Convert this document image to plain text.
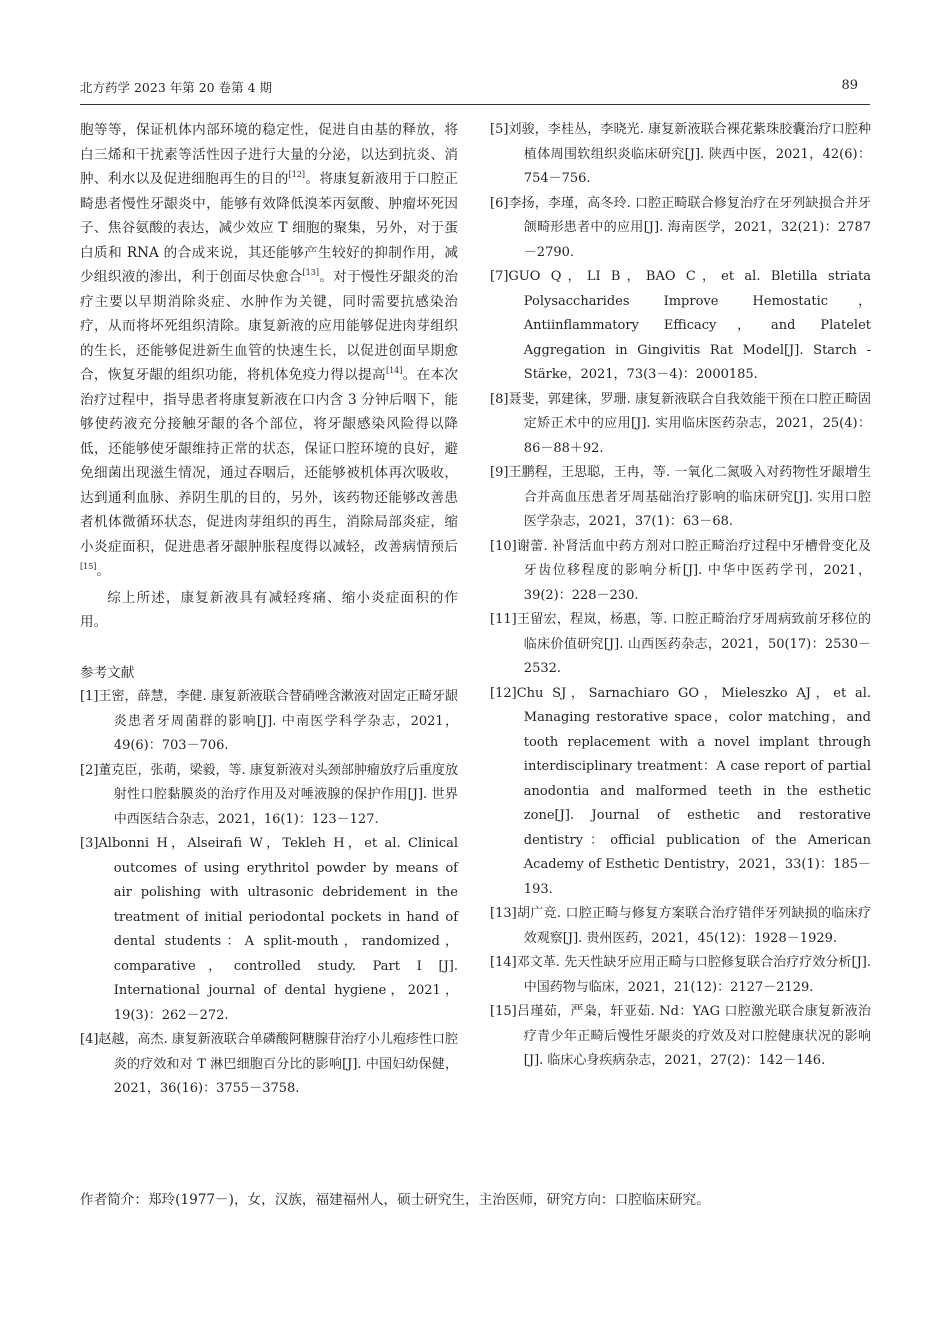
北方药学 2023 年第 20 卷第 4 期	89

胞等等，保证机体内部环境的稳定性，促进自由基的释放，将白三烯和干扰素等活性因子进行大量的分泌，以达到抗炎、消肿、利水以及促进细胞再生的目的[12]。将康复新液用于口腔正畸患者慢性牙龈炎中，能够有效降低溴苯丙氨酸、肿瘤坏死因子、焦谷氨酸的表达，减少效应 T 细胞的聚集，另外，对于蛋白质和 RNA 的合成来说，其还能够产生较好的抑制作用，减少组织液的渗出，利于创面尽快愈合[13]。对于慢性牙龈炎的治疗主要以早期消除炎症、水肿作为关键，同时需要抗感染治疗，从而将坏死组织清除。康复新液的应用能够促进肉芽组织的生长，还能够促进新生血管的快速生长，以促进创面早期愈合，恢复牙龈的组织功能，将机体免疫力得以提高[14]。在本次治疗过程中，指导患者将康复新液在口内含 3 分钟后咽下，能够使药液充分接触牙龈的各个部位，将牙龈感染风险得以降低，还能够使牙龈维持正常的状态，保证口腔环境的良好，避免细菌出现滋生情况，通过吞咽后，还能够被机体再次吸收，达到通利血脉、养阴生肌的目的，另外，该药物还能够改善患者机体微循环状态，促进肉芽组织的再生，消除局部炎症，缩小炎症面积，促进患者牙龈肿胀程度得以减轻，改善病情预后[15]。

综上所述，康复新液具有减轻疼痛、缩小炎症面积的作用。

参考文献

[1]王密，薛慧，李健. 康复新液联合替硝唑含漱液对固定正畸牙龈炎患者牙周菌群的影响[J]. 中南医学科学杂志，2021，49(6)：703－706.

[2]董克臣，张萌，梁毅，等. 康复新液对头颈部肿瘤放疗后重度放射性口腔黏膜炎的治疗作用及对唾液腺的保护作用[J]. 世界中西医结合杂志，2021，16(1)：123－127.

[3]Albonni H，Alseirafi W，Tekleh H，et al. Clinical outcomes of using erythritol powder by means of air polishing with ultrasonic debridement in the treatment of initial periodontal pockets in hand of dental students：A split-mouth，randomized，comparative，controlled study. Part I [J]. International journal of dental hygiene，2021，19(3)：262－272.

[4]赵越，高杰. 康复新液联合单磷酸阿糖腺苷治疗小儿疱疹性口腔炎的疗效和对 T 淋巴细胞百分比的影响[J]. 中国妇幼保健，2021，36(16)：3755－3758.

[5]刘骏，李桂丛，李晓光. 康复新液联合裸花紫珠胶囊治疗口腔种植体周围软组织炎临床研究[J]. 陕西中医，2021，42(6)：754－756.

[6]李扬，李瑾，高冬玲. 口腔正畸联合修复治疗在牙列缺损合并牙颌畸形患者中的应用[J]. 海南医学，2021，32(21)：2787－2790.

[7]GUO Q，LI B，BAO C，et al. Bletilla striata Polysaccharides Improve Hemostatic，Antiinflammatory Efficacy，and Platelet Aggregation in Gingivitis Rat Model[J]. Starch -Stärke，2021，73(3－4)：2000185.

[8]聂斐，郭建徕，罗珊. 康复新液联合自我效能干预在口腔正畸固定矫正术中的应用[J]. 实用临床医药杂志，2021，25(4)：86－88＋92.

[9]王鹏程，王思聪，王冉，等. 一氧化二氮吸入对药物性牙龈增生合并高血压患者牙周基础治疗影响的临床研究[J]. 实用口腔医学杂志，2021，37(1)：63－68.

[10]谢蕾. 补肾活血中药方剂对口腔正畸治疗过程中牙槽骨变化及牙齿位移程度的影响分析[J]. 中华中医药学刊，2021，39(2)：228－230.

[11]王留宏，程岚，杨惠，等. 口腔正畸治疗牙周病致前牙移位的临床价值研究[J]. 山西医药杂志，2021，50(17)：2530－2532.

[12]Chu SJ，Sarnachiaro GO，Mieleszko AJ，et al. Managing restorative space，color matching，and tooth replacement with a novel implant through interdisciplinary treatment：A case report of partial anodontia and malformed teeth in the esthetic zone[J]. Journal of esthetic and restorative dentistry：official publication of the American Academy of Esthetic Dentistry，2021，33(1)：185－193.

[13]胡广竞. 口腔正畸与修复方案联合治疗错伴牙列缺损的临床疗效观察[J]. 贵州医药，2021，45(12)：1928－1929.

[14]邓文革. 先天性缺牙应用正畸与口腔修复联合治疗疗效分析[J]. 中国药物与临床，2021，21(12)：2127－2129.

[15]吕瑾茹，严枭，轩亚茹. Nd：YAG 口腔激光联合康复新液治疗青少年正畸后慢性牙龈炎的疗效及对口腔健康状况的影响[J]. 临床心身疾病杂志，2021，27(2)：142－146.

作者简介：郑玲(1977－)，女，汉族，福建福州人，硕士研究生，主治医师，研究方向：口腔临床研究。
